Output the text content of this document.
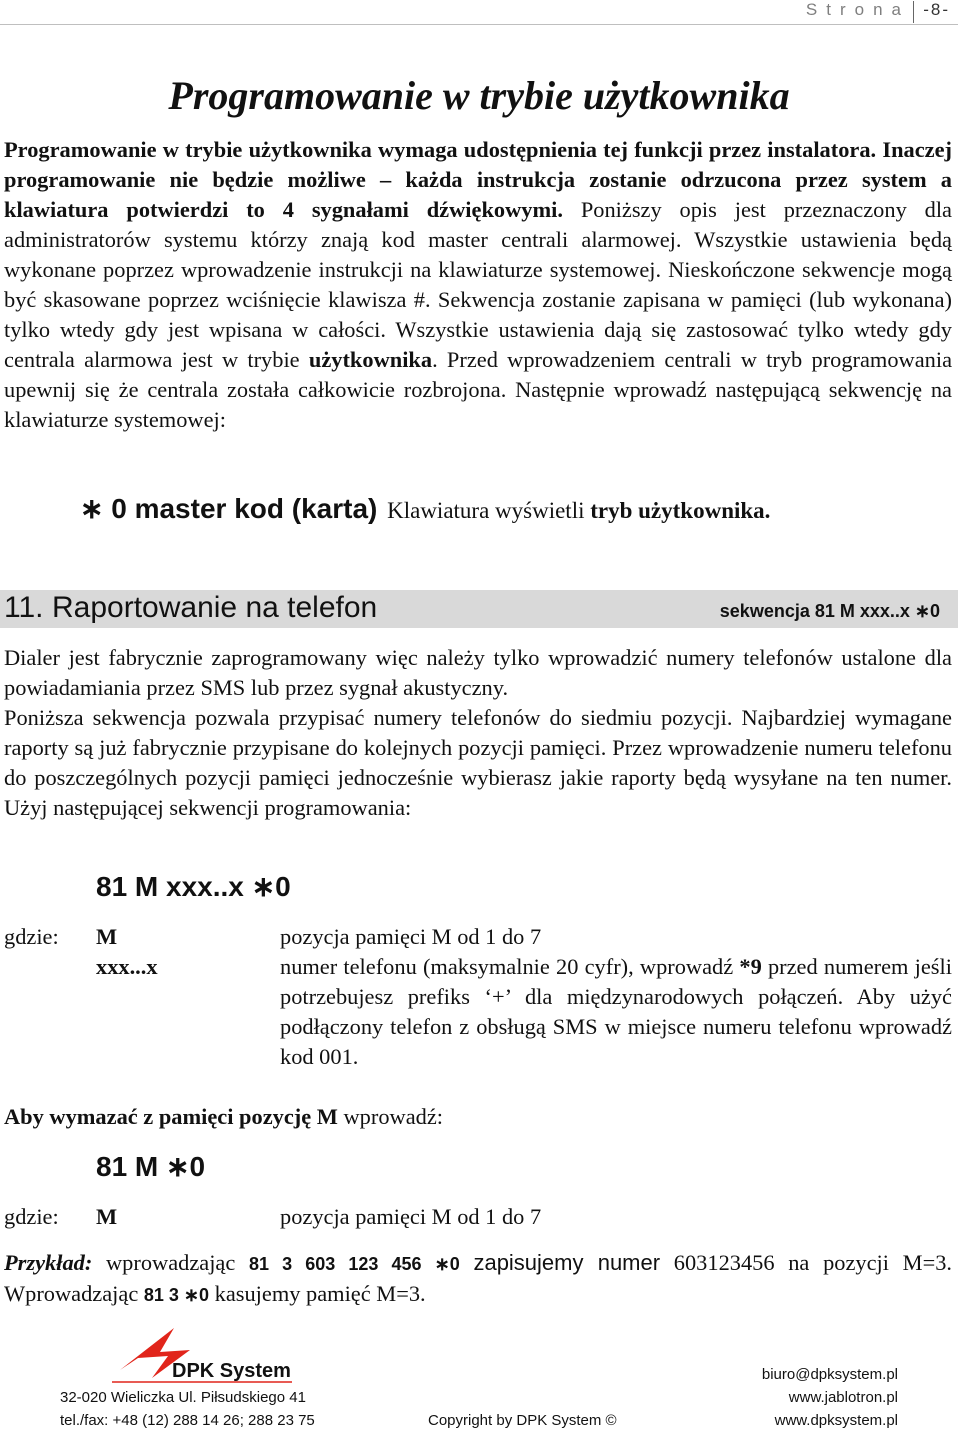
Strona -8-
Programowanie w trybie użytkownika

Programowanie w trybie użytkownika wymaga udostępnienia tej funkcji przez instalatora. Inaczej programowanie nie będzie możliwe – każda instrukcja zostanie odrzucona przez system a klawiatura potwierdzi to 4 sygnałami dźwiękowymi. Poniższy opis jest przeznaczony dla administratorów systemu którzy znają kod master centrali alarmowej. Wszystkie ustawienia będą wykonane poprzez wprowadzenie instrukcji na klawiaturze systemowej. Nieskończone sekwencje mogą być skasowane poprzez wciśnięcie klawisza #. Sekwencja zostanie zapisana w pamięci (lub wykonana) tylko wtedy gdy jest wpisana w całości. Wszystkie ustawienia dają się zastosować tylko wtedy gdy centrala alarmowa jest w trybie użytkownika. Przed wprowadzeniem centrali w tryb programowania upewnij się że centrala została całkowicie rozbrojona. Następnie wprowadź następującą sekwencję na klawiaturze systemowej:

∗ 0 master kod (karta) Klawiatura wyświetli tryb użytkownika.
11. Raportowanie na telefon	sekwencja 81 M xxx..x ∗0

Dialer jest fabrycznie zaprogramowany więc należy tylko wprowadzić numery telefonów ustalone dla powiadamiania przez SMS lub przez sygnał akustyczny.

Poniższa sekwencja pozwala przypisać numery telefonów do siedmiu pozycji. Najbardziej wymagane raporty są już fabrycznie przypisane do kolejnych pozycji pamięci. Przez wprowadzenie numeru telefonu do poszczególnych pozycji pamięci jednocześnie wybierasz jakie raporty będą wysyłane na ten numer. Użyj następującej sekwencji programowania:

81 M xxx..x ∗0
gdzie: M	pozycja pamięci M od 1 do 7
xxx...x	numer telefonu (maksymalnie 20 cyfr), wprowadź *9 przed numerem jeśli potrzebujesz prefiks ‘+’ dla międzynarodowych połączeń. Aby użyć podłączony telefon z obsługą SMS w miejsce numeru telefonu wprowadź kod 001.
Aby wymazać z pamięci pozycję M wprowadź:
81 M ∗0
gdzie: M	pozycja pamięci M od 1 do 7
Przykład: wprowadzając 81 3 603 123 456 ∗0 zapisujemy numer 603123456 na pozycji M=3. Wprowadzając 81 3 ∗0 kasujemy pamięć M=3.
DPK System
32-020 Wieliczka Ul. Piłsudskiego 41
tel./fax: +48 (12) 288 14 26; 288 23 75	Copyright by DPK System ©
biuro@dpksystem.pl
www.jablotron.pl
www.dpksystem.pl
